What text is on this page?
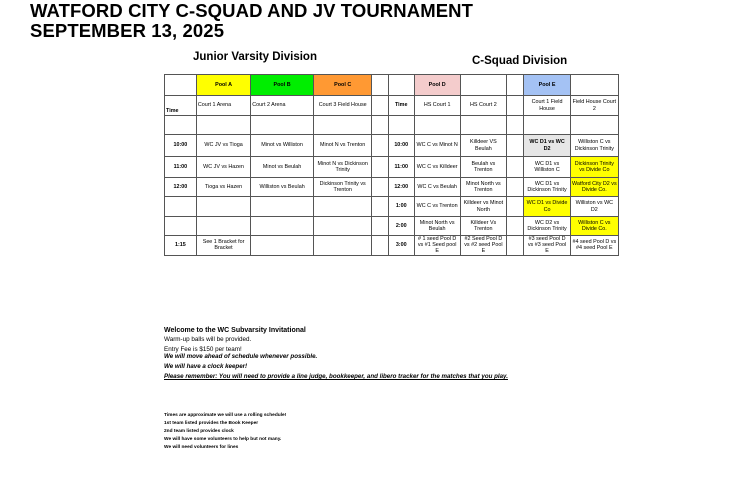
WATFORD CITY C-SQUAD AND JV TOURNAMENT
SEPTEMBER 13, 2025
Junior Varsity Division	C-Squad Division
	Pool A	Pool B	Pool C			Pool D			Pool E	
Time	Court 1 Arena	Court 2 Arena	Court 3 Field House		Time	HS Court 1	HS Court 2		Court 1 Field House	Field House Court 2

10:00	WC JV vs Tioga	Minot vs Williston	Minot N vs Trenton		10:00	WC C vs Minot N	Killdeer VS Beulah		WC D1 vs WC D2	Williston C vs Dickinson Trinity
11:00	WC JV vs Hazen	Minot vs Beulah	Minot N vs Dickinson Trinity		11:00	WC C vs Killdeer	Beulah vs Trenton		WC D1 vs Williston C	Dickinson Trinity vs Divide Co
12:00	Tioga vs Hazen	Williston vs Beulah	Dickinson Trinity vs Trenton		12:00	WC C vs Beulah	Minot North vs Trenton		WC D1 vs Dickinson Trinity	Watford City D2 vs Divide Co.
					1:00	WC C vs Trenton	Killdeer vs Minot North		WC D1 vs Divide Co	Williston vs WC D2
					2:00	Minot North vs Beulah	Killdeer Vs Trenton		WC D2 vs Dickinson Trinity	Williston C vs Divide Co.
1:15	See 1 Bracket for Bracket				3:00	# 1 seed Pool D vs #1 Seed pool E	#2 Seed Pool D vs #2 seed Pool E		#3 seed Pool D vs #3 seed Pool E	#4 seed Pool D vs #4 seed Pool E
Welcome to the WC Subvarsity Invitational
Warm-up balls will be provided.
Entry Fee is $150 per team!
We will move ahead of schedule whenever possible.
We will have a clock keeper!
Please remember: You will need to provide a line judge, bookkeeper, and libero tracker for the matches that you play.
Times are approximate we will use a rolling schedule!
1st team listed provides the Book Keeper
2nd team listed provides clock
We will have some volunteers to help but not many.
We will need volunteers for lines
